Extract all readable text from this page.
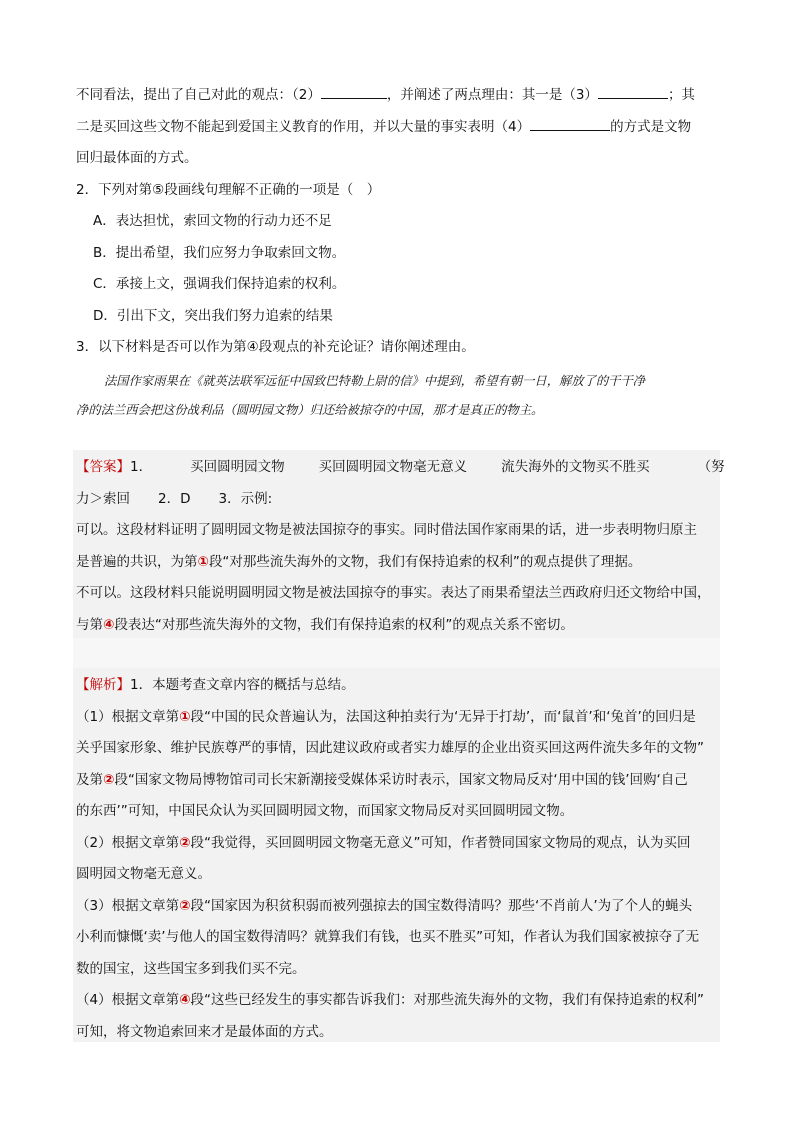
不同看法，提出了自己对此的观点：（2）	，并阐述了两点理由：其一是（3）	；其
二是买回这些文物不能起到爱国主义教育的作用，并以大量的事实表明（4）	的方式是文物
回归最体面的方式。
2．下列对第⑤段画线句理解不正确的一项是（　）
A．表达担忧，索回文物的行动力还不足
B．提出希望，我们应努力争取索回文物。
C．承接上文，强调我们保持追索的权利。
D．引出下文，突出我们努力追索的结果
3．以下材料是否可以作为第④段观点的补充论证？请你阐述理由。
法国作家雨果在《就英法联军远征中国致巴特勒上尉的信》中提到，希望有朝一日，解放了的干干净
净的法兰西会把这份战利品（圆明园文物）归还给被掠夺的中国，那才是真正的物主。
【答案】1．	买回圆明园文物	买回圆明园文物毫无意义	流失海外的文物买不胜买	（努
力＞索回 2．D 3．示例:
可以。这段材料证明了圆明园文物是被法国掠夺的事实。同时借法国作家雨果的话，进一步表明物归原主
是普遍的共识，为第①段“对那些流失海外的文物，我们有保持追索的权利”的观点提供了理据。
不可以。这段材料只能说明圆明园文物是被法国掠夺的事实。表达了雨果希望法兰西政府归还文物给中国，
与第④段表达“对那些流失海外的文物，我们有保持追索的权利”的观点关系不密切。
【解析】1．本题考查文章内容的概括与总结。
（1）根据文章第①段“中国的民众普遍认为，法国这种拍卖行为‘无异于打劫’，而‘鼠首’和‘兔首’的回归是
关乎国家形象、维护民族尊严的事情，因此建议政府或者实力雄厚的企业出资买回这两件流失多年的文物”
及第②段“国家文物局博物馆司司长宋新潮接受媒体采访时表示，国家文物局反对‘用中国的钱’回购‘自己
的东西’”可知，中国民众认为买回圆明园文物，而国家文物局反对买回圆明园文物。
（2）根据文章第②段“我觉得，买回圆明园文物毫无意义”可知，作者赞同国家文物局的观点，认为买回
圆明园文物毫无意义。
（3）根据文章第②段“国家因为积贫积弱而被列强掠去的国宝数得清吗？那些‘不肖前人’为了个人的蝇头
小利而慷慨‘卖’与他人的国宝数得清吗？就算我们有钱，也买不胜买”可知，作者认为我们国家被掠夺了无
数的国宝，这些国宝多到我们买不完。
（4）根据文章第④段“这些已经发生的事实都告诉我们：对那些流失海外的文物，我们有保持追索的权利”
可知，将文物追索回来才是最体面的方式。
